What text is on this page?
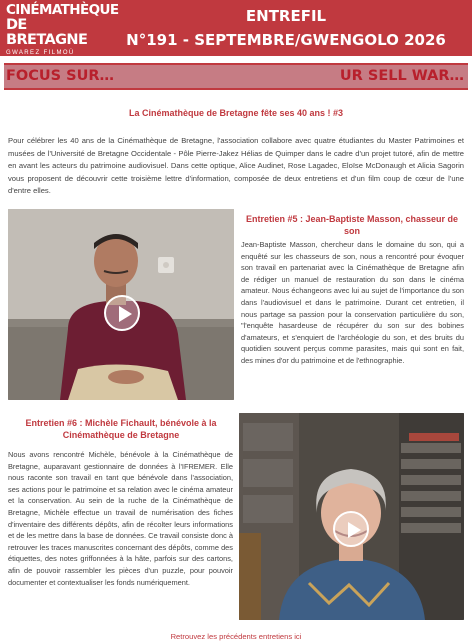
CINÉMATHÈQUE
DE BRETAGNE
GWAREZ FILMOÙ
BRITTANY FILM ARCHIVE
ENTREFIL
N°191 - SEPTEMBRE/GWENGOLO 2026
FOCUS SUR…	UR SELL WAR…
La Cinémathèque de Bretagne fête ses 40 ans ! #3

Pour célébrer les 40 ans de la Cinémathèque de Bretagne, l'association collabore avec quatre étudiantes du Master Patrimoines et musées de l'Université de Bretagne Occidentale - Pôle Pierre-Jakez Hélias de Quimper dans le cadre d'un projet tutoré, afin de mettre en avant les acteurs du patrimoine audiovisuel. Dans cette optique, Alice Audinet, Rose Lagadec, Eloïse McDonaugh et Alicia Sagorin vous proposent de découvrir cette troisième lettre d'information, composée de deux entretiens et d'un film coup de cœur de l'une d'entre elles.

Entretien #5 : Jean-Baptiste Masson, chasseur de son

Jean-Baptiste Masson, chercheur dans le domaine du son, qui a enquêté sur les chasseurs de son, nous a rencontré pour évoquer son travail en partenariat avec la Cinémathèque de Bretagne afin de rédiger un manuel de restauration du son dans le cinéma amateur. Nous échangeons avec lui au sujet de l'importance du son dans l'audiovisuel et dans le patrimoine. Durant cet entretien, il nous partage sa passion pour la conservation particulière du son, "l'enquête hasardeuse de récupérer du son sur des bobines d'amateurs, et s'enquiert de l'archéologie du son, et des bruits du quotidien souvent perçus comme parasites, mais qui sont en fait, des mines d'or du patrimoine et de l'ethnographie.

Entretien #6 : Michèle Fichault, bénévole à la Cinémathèque de Bretagne

Nous avons rencontré Michèle, bénévole à la Cinémathèque de Bretagne, auparavant gestionnaire de données à l'IFREMER. Elle nous raconte son travail en tant que bénévole dans l'association, ses actions pour le patrimoine et sa relation avec le cinéma amateur et la conservation. Au sein de la ruche de la Cinémathèque de Bretagne, Michèle effectue un travail de numérisation des fiches d'inventaire des différents dépôts, afin de récolter leurs informations et de les mettre dans la base de données. Ce travail consiste donc à retrouver les traces manuscrites concernant des dépôts, comme des étiquettes, des notes griffonnées à la hâte, parfois sur des cartons, afin de pouvoir rassembler les pièces d'un puzzle, pour pouvoir documenter et contextualiser les fonds numériquement.

Retrouvez les précédents entretiens ici
